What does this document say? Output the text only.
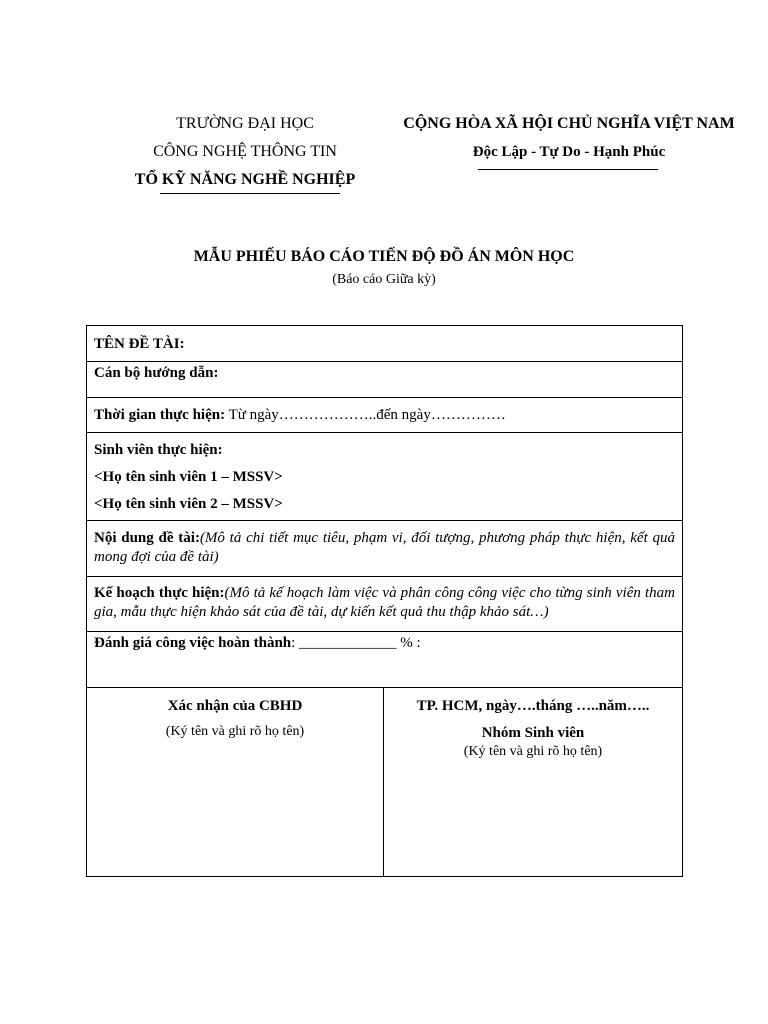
TRƯỜNG ĐẠI HỌC
CÔNG NGHỆ THÔNG TIN
TỔ KỸ NĂNG NGHỀ NGHIỆP
CỘNG HÒA XÃ HỘI CHỦ NGHĨA VIỆT NAM
Độc Lập - Tự Do - Hạnh Phúc
MẪU PHIẾU BÁO CÁO TIẾN ĐỘ ĐỒ ÁN MÔN HỌC
(Báo cáo Giữa kỳ)
TÊN ĐỀ TÀI:
Cán bộ hướng dẫn:
Thời gian thực hiện: Từ ngày………………..đến ngày……………
Sinh viên thực hiện:
<Họ tên sinh viên 1 – MSSV>
<Họ tên sinh viên 2 – MSSV>
Nội dung đề tài:(Mô tả chi tiết mục tiêu, phạm vi, đối tượng, phương pháp thực hiện, kết quả mong đợi của đề tài)
Kế hoạch thực hiện:(Mô tả kế hoạch làm việc và phân công công việc cho từng sinh viên tham gia, mẫu thực hiện khảo sát của đề tài, dự kiến kết quả thu thập khảo sát…)
Đánh giá công việc hoàn thành: _____________ % :
Xác nhận của CBHD
(Ký tên và ghi rõ họ tên)
TP. HCM, ngày….tháng …..năm…..
Nhóm Sinh viên
(Ký tên và ghi rõ họ tên)
